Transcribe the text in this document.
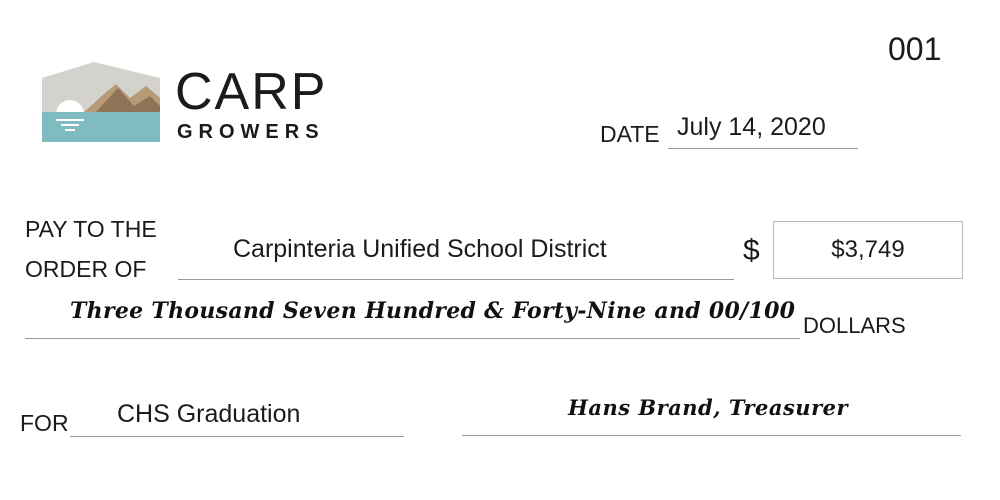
CARP
GROWERS
001
DATE July 14, 2020
PAY TO THE
ORDER OF
Carpinteria Unified School District	$	$3,749
Three Thousand Seven Hundred & Forty-Nine and 00/100
DOLLARS
FOR CHS Graduation	Hans Brand, Treasurer
